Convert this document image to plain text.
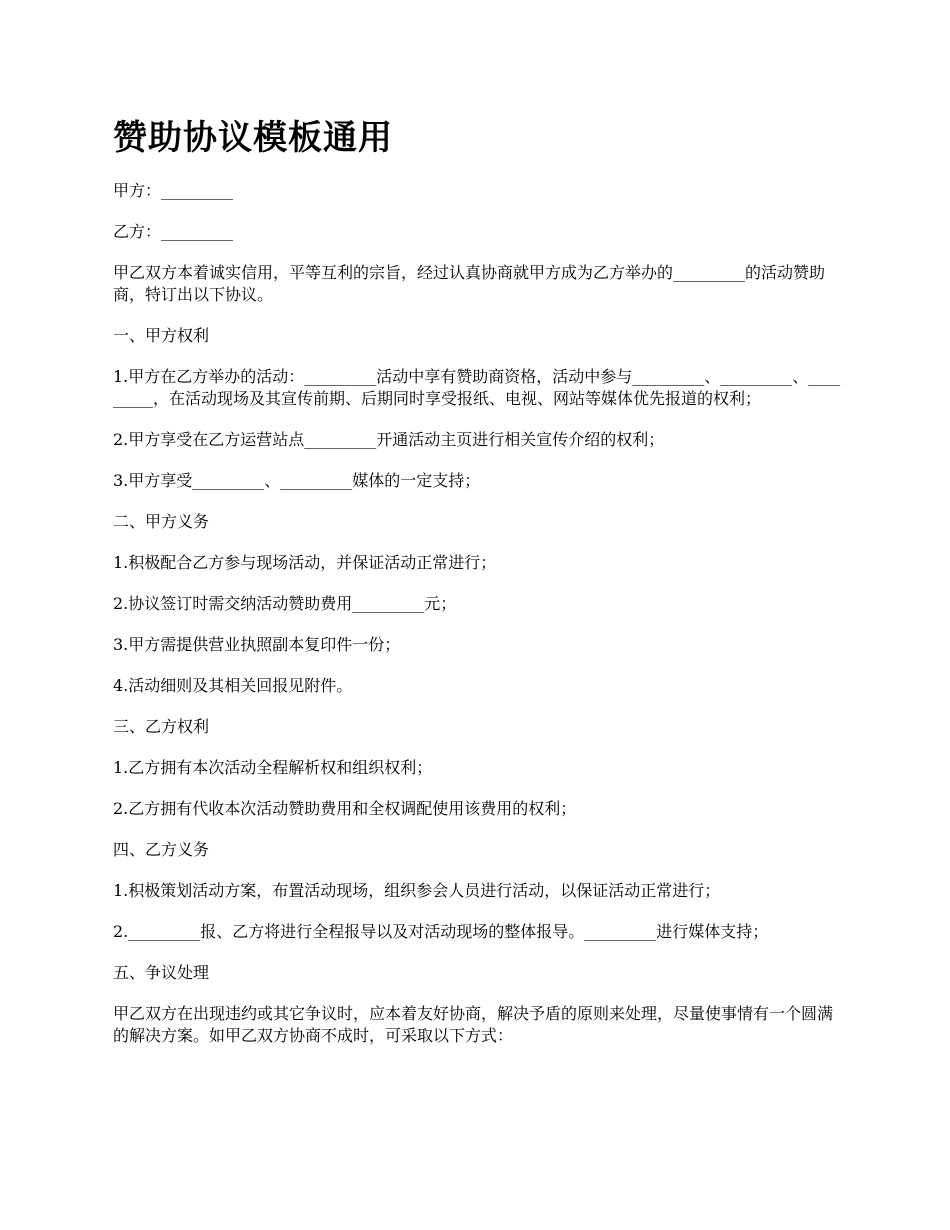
赞助协议模板通用

甲方：_________

乙方：_________

甲乙双方本着诚实信用，平等互利的宗旨，经过认真协商就甲方成为乙方举办的_________的活动赞助商，特订出以下协议。

一、甲方权利

1.甲方在乙方举办的活动：_________活动中享有赞助商资格，活动中参与_________、_________、_________，在活动现场及其宣传前期、后期同时享受报纸、电视、网站等媒体优先报道的权利；

2.甲方享受在乙方运营站点_________开通活动主页进行相关宣传介绍的权利；

3.甲方享受_________、_________媒体的一定支持；

二、甲方义务

1.积极配合乙方参与现场活动，并保证活动正常进行；

2.协议签订时需交纳活动赞助费用_________元；

3.甲方需提供营业执照副本复印件一份；

4.活动细则及其相关回报见附件。

三、乙方权利

1.乙方拥有本次活动全程解析权和组织权利；

2.乙方拥有代收本次活动赞助费用和全权调配使用该费用的权利；

四、乙方义务

1.积极策划活动方案，布置活动现场，组织参会人员进行活动，以保证活动正常进行；

2._________报、乙方将进行全程报导以及对活动现场的整体报导。_________进行媒体支持；

五、争议处理

甲乙双方在出现违约或其它争议时，应本着友好协商，解决予盾的原则来处理，尽量使事情有一个圆满的解决方案。如甲乙双方协商不成时，可采取以下方式：
